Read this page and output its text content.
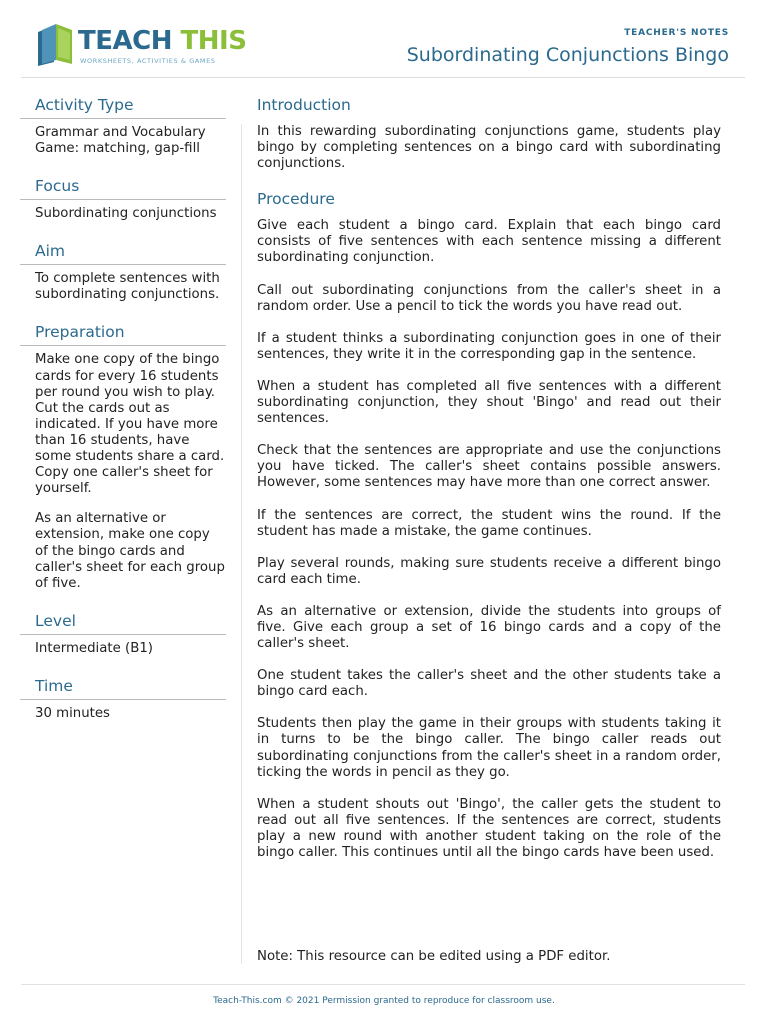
TEACH THIS
WORKSHEETS, ACTIVITIES & GAMES
TEACHER'S NOTES
Subordinating Conjunctions Bingo
Activity Type

Grammar and Vocabulary Game: matching, gap-fill

Focus

Subordinating conjunctions

Aim

To complete sentences with subordinating conjunctions.

Preparation

Make one copy of the bingo cards for every 16 students per round you wish to play. Cut the cards out as indicated. If you have more than 16 students, have some students share a card. Copy one caller's sheet for yourself.

As an alternative or extension, make one copy of the bingo cards and caller's sheet for each group of five.

Level

Intermediate (B1)

Time

30 minutes

Introduction

In this rewarding subordinating conjunctions game, students play bingo by completing sentences on a bingo card with subordinating conjunctions.

Procedure

Give each student a bingo card. Explain that each bingo card consists of five sentences with each sentence missing a different subordinating conjunction.

Call out subordinating conjunctions from the caller's sheet in a random order. Use a pencil to tick the words you have read out.

If a student thinks a subordinating conjunction goes in one of their sentences, they write it in the corresponding gap in the sentence.

When a student has completed all five sentences with a different subordinating conjunction, they shout 'Bingo' and read out their sentences.

Check that the sentences are appropriate and use the conjunctions you have ticked. The caller's sheet contains possible answers. However, some sentences may have more than one correct answer.

If the sentences are correct, the student wins the round. If the student has made a mistake, the game continues.

Play several rounds, making sure students receive a different bingo card each time.

As an alternative or extension, divide the students into groups of five. Give each group a set of 16 bingo cards and a copy of the caller's sheet.

One student takes the caller's sheet and the other students take a bingo card each.

Students then play the game in their groups with students taking it in turns to be the bingo caller. The bingo caller reads out subordinating conjunctions from the caller's sheet in a random order, ticking the words in pencil as they go.

When a student shouts out 'Bingo', the caller gets the student to read out all five sentences. If the sentences are correct, students play a new round with another student taking on the role of the bingo caller. This continues until all the bingo cards have been used.

Note: This resource can be edited using a PDF editor.
Teach-This.com © 2021 Permission granted to reproduce for classroom use.
